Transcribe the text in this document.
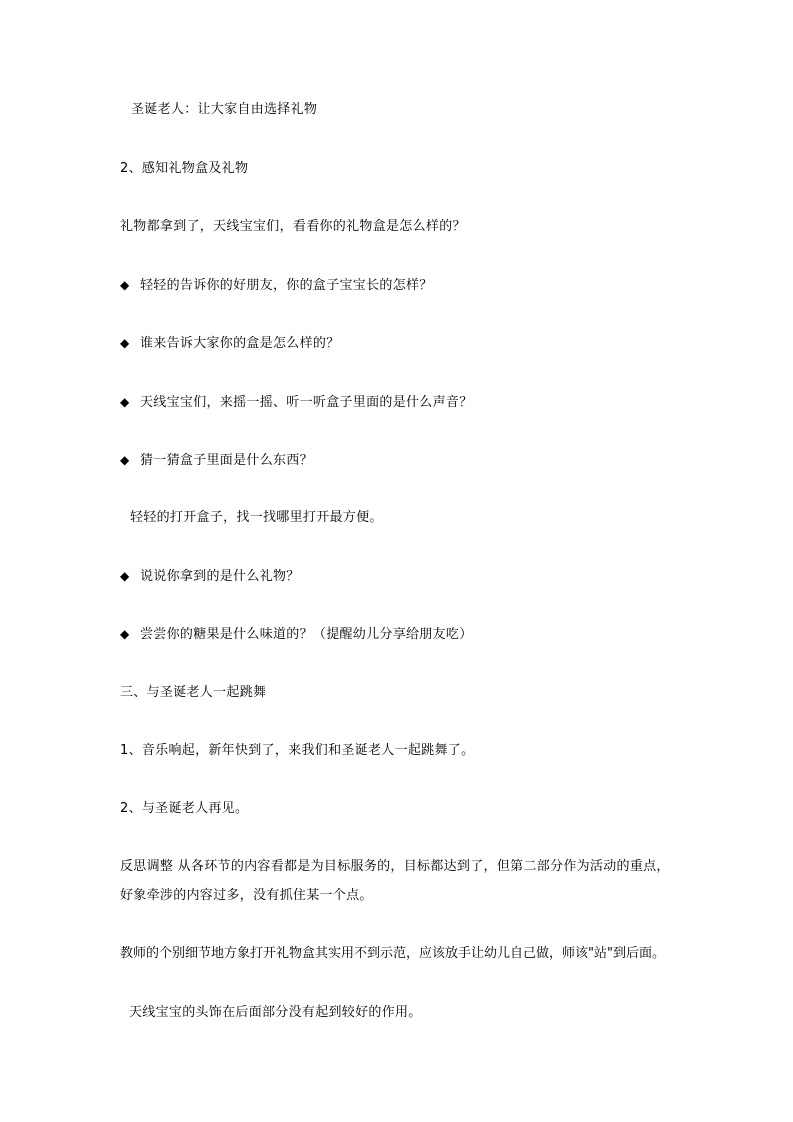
圣诞老人：让大家自由选择礼物
2、感知礼物盒及礼物
礼物都拿到了，天线宝宝们，看看你的礼物盒是怎么样的？
◆ 轻轻的告诉你的好朋友，你的盒子宝宝长的怎样？
◆ 谁来告诉大家你的盒是怎么样的？
◆ 天线宝宝们，来摇一摇、听一听盒子里面的是什么声音？
◆ 猜一猜盒子里面是什么东西？
轻轻的打开盒子，找一找哪里打开最方便。
◆ 说说你拿到的是什么礼物？
◆ 尝尝你的糖果是什么味道的？（提醒幼儿分享给朋友吃）
三、与圣诞老人一起跳舞
1、音乐响起，新年快到了，来我们和圣诞老人一起跳舞了。
2、与圣诞老人再见。
反思调整 从各环节的内容看都是为目标服务的，目标都达到了，但第二部分作为活动的重点，
好象牵涉的内容过多，没有抓住某一个点。
教师的个别细节地方象打开礼物盒其实用不到示范，应该放手让幼儿自己做，师该"站"到后面。
天线宝宝的头饰在后面部分没有起到较好的作用。
